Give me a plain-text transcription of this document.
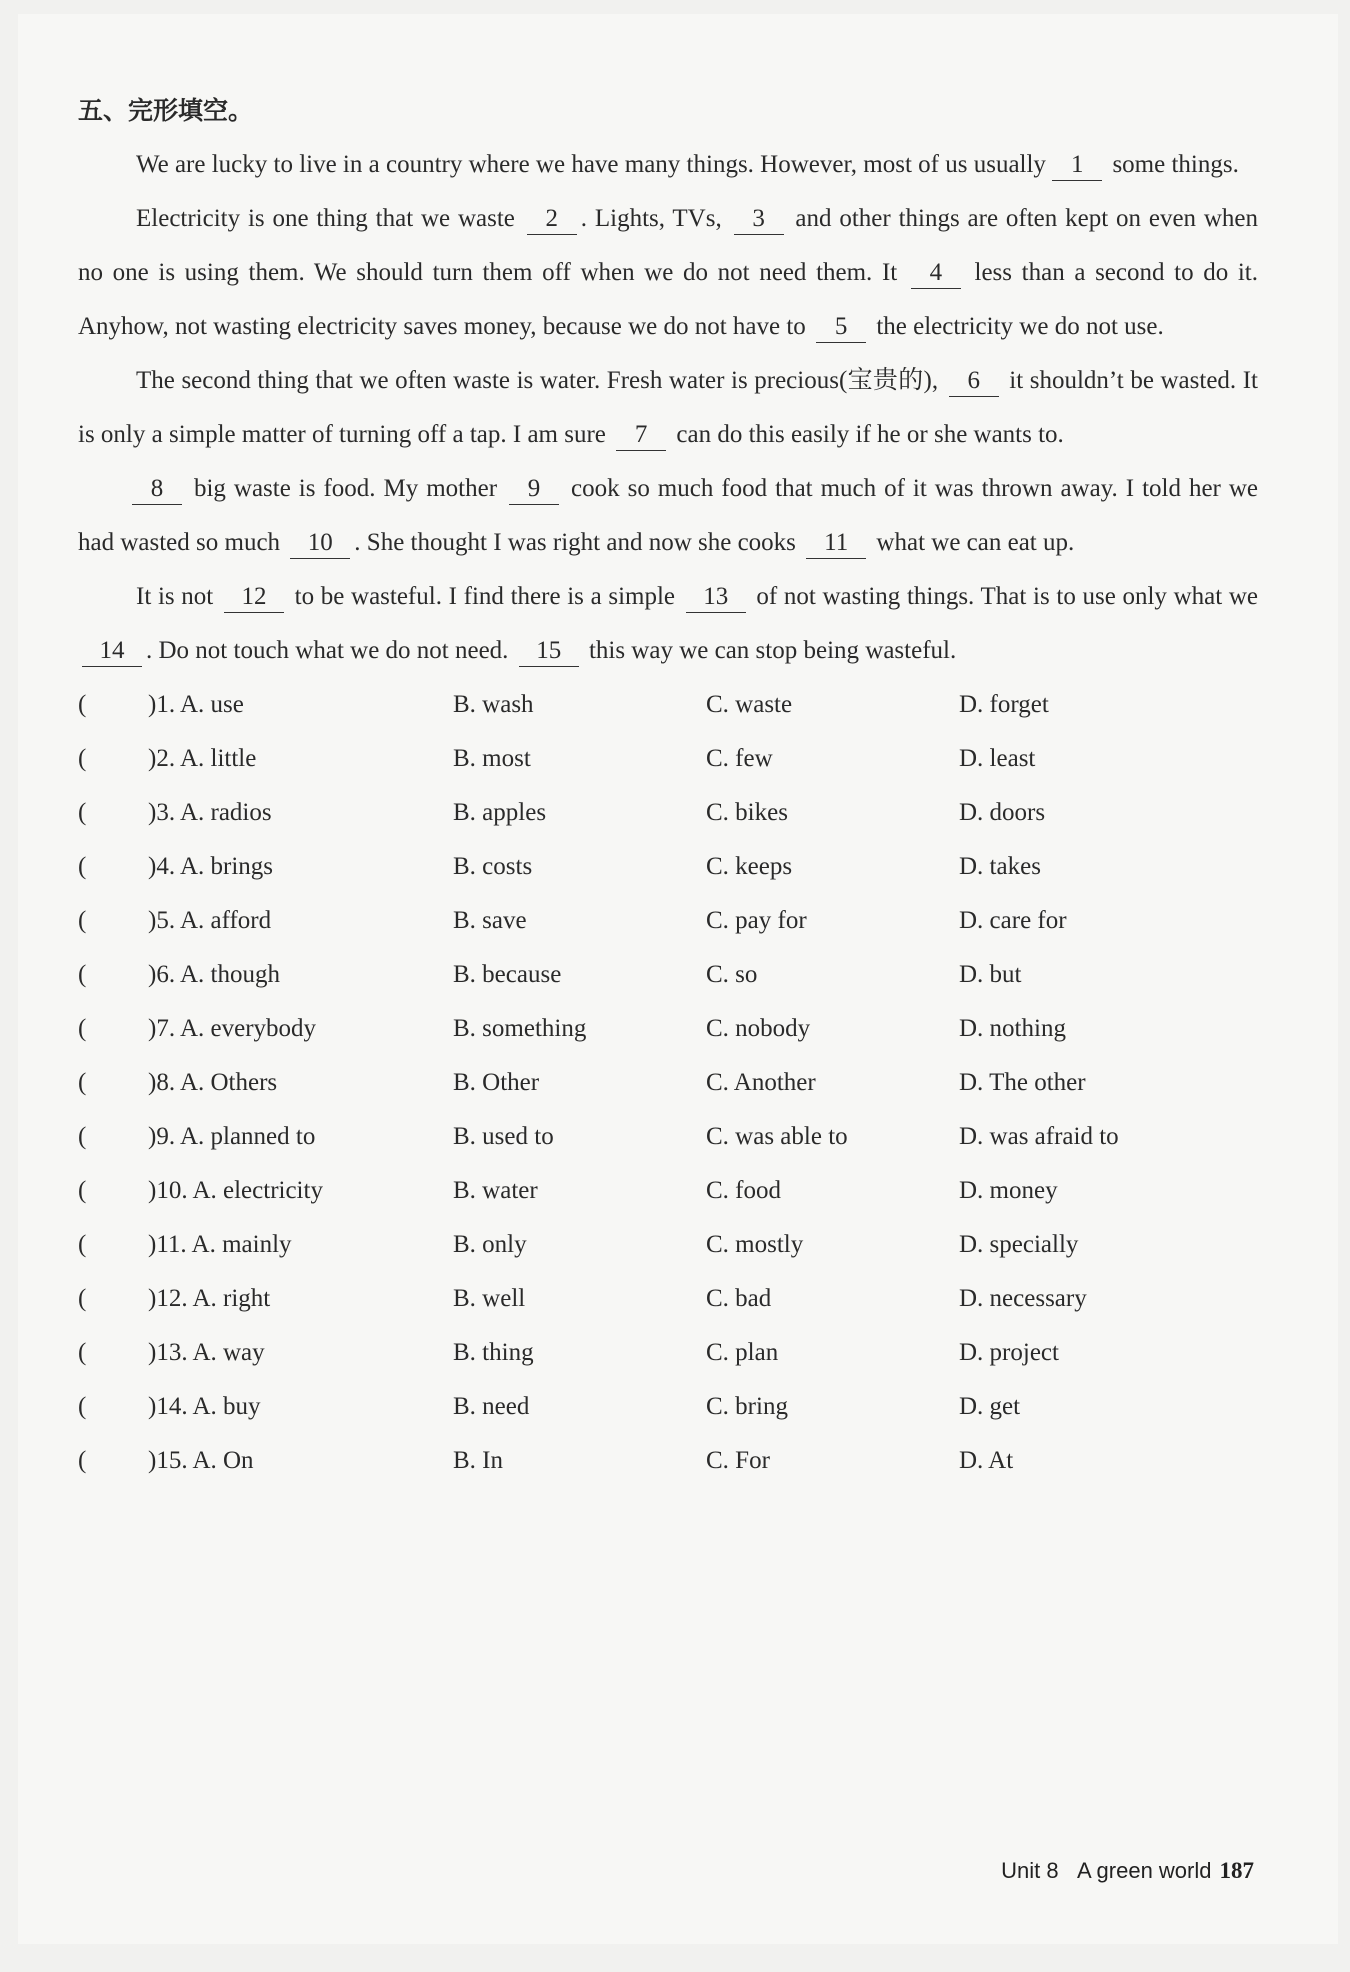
五、完形填空。

We are lucky to live in a country where we have many things. However, most of us usually 1 some things.

Electricity is one thing that we waste 2 . Lights, TVs, 3 and other things are often kept on even when no one is using them. We should turn them off when we do not need them. It 4 less than a second to do it. Anyhow, not wasting electricity saves money, because we do not have to 5 the electricity we do not use.

The second thing that we often waste is water. Fresh water is precious(宝贵的), 6 it shouldn’t be wasted. It is only a simple matter of turning off a tap. I am sure 7 can do this easily if he or she wants to.

8 big waste is food. My mother 9 cook so much food that much of it was thrown away. I told her we had wasted so much 10 . She thought I was right and now she cooks 11 what we can eat up.

It is not 12 to be wasteful. I find there is a simple 13 of not wasting things. That is to use only what we 14 . Do not touch what we do not need. 15 this way we can stop being wasteful.

(	)1. A. use	B. wash	C. waste	D. forget
(	)2. A. little	B. most	C. few	D. least
(	)3. A. radios	B. apples	C. bikes	D. doors
(	)4. A. brings	B. costs	C. keeps	D. takes
(	)5. A. afford	B. save	C. pay for	D. care for
(	)6. A. though	B. because	C. so	D. but
(	)7. A. everybody	B. something	C. nobody	D. nothing
(	)8. A. Others	B. Other	C. Another	D. The other
(	)9. A. planned to	B. used to	C. was able to	D. was afraid to
(	)10. A. electricity	B. water	C. food	D. money
(	)11. A. mainly	B. only	C. mostly	D. specially
(	)12. A. right	B. well	C. bad	D. necessary
(	)13. A. way	B. thing	C. plan	D. project
(	)14. A. buy	B. need	C. bring	D. get
(	)15. A. On	B. In	C. For	D. At
Unit 8 A green world 187
